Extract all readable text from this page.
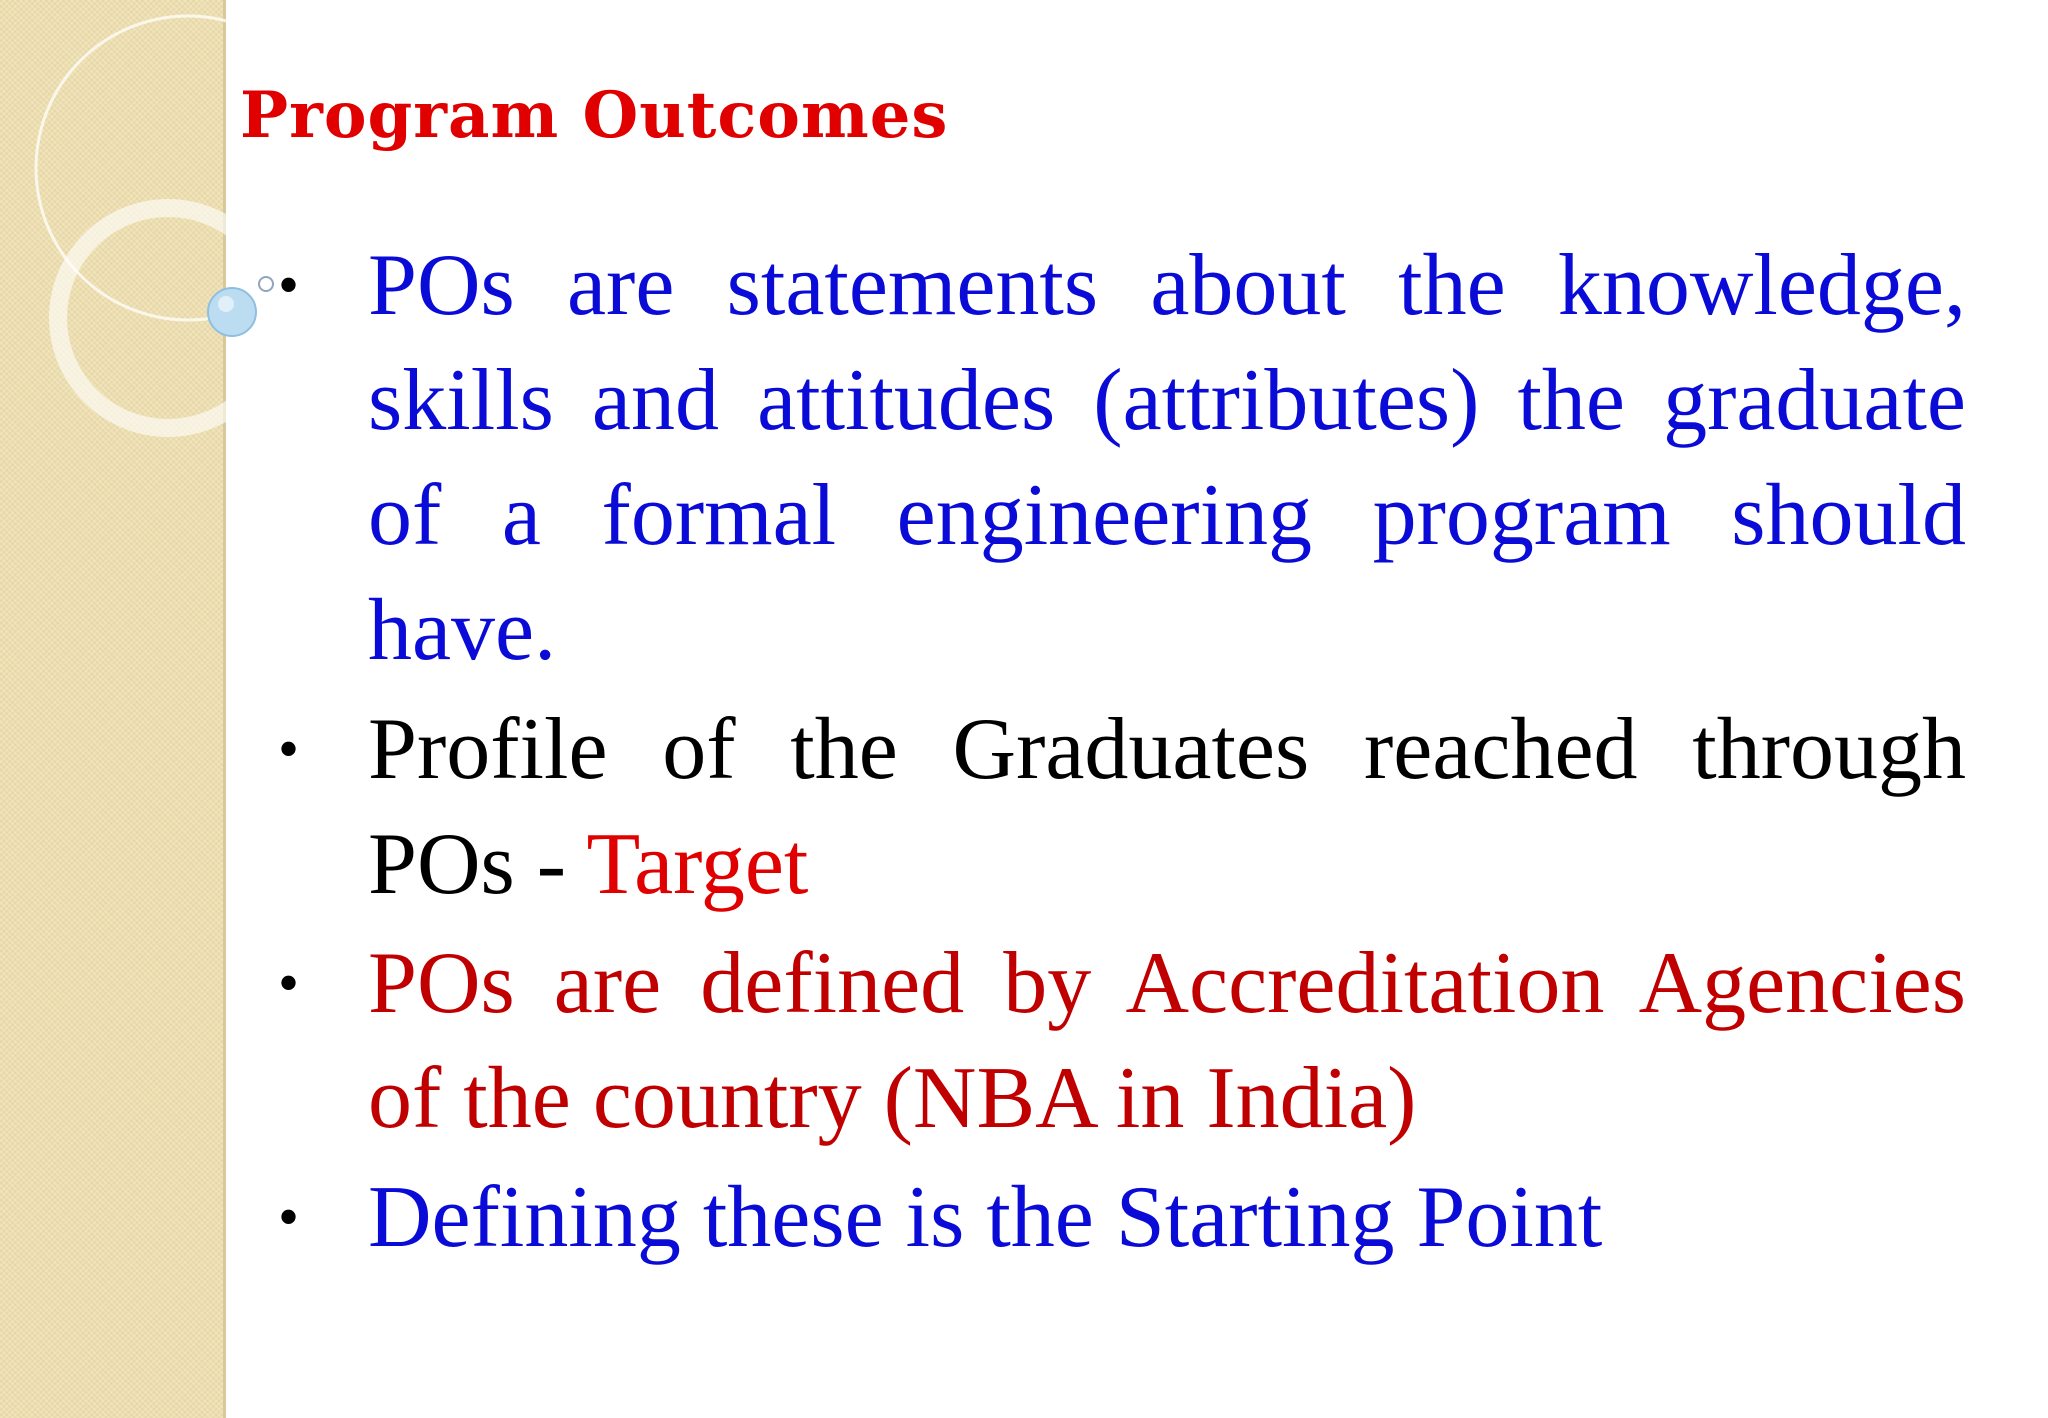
Program Outcomes
• POs are statements about the knowledge, skills and attitudes (attributes) the graduate of a formal engineering program should have.
• Profile of the Graduates reached through POs - Target
• POs are defined by Accreditation Agencies of the country (NBA in India)
• Defining these is the Starting Point
